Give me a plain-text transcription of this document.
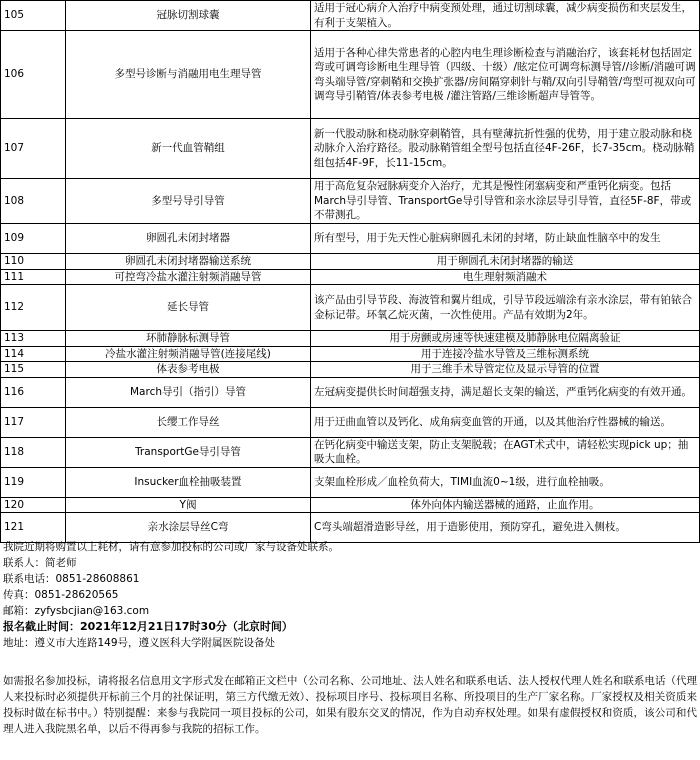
105	冠脉切割球囊	适用于冠心病介入治疗中病变预处理，通过切割球囊，减少病变损伤和夹层发生，有利于支架植入。
106	多型号诊断与消融用电生理导管	适用于各种心律失常患者的心腔内电生理诊断检查与消融治疗，该套耗材包括固定弯或可调弯诊断电生理导管（四级、十级）/眩定位可调弯标测导管//诊断/消融可调弯头端导管/穿刺鞘和交换扩张器/房间隔穿刺针与鞘/双向引导鞘管/弯型可视双向可调弯导引鞘管/体表参考电极 /灌注管路/三维诊断超声导管等。
107	新一代血管鞘组	新一代股动脉和桡动脉穿刺鞘管，具有壁薄抗折性强的优势，用于建立股动脉和桡动脉介入治疗路径。股动脉鞘管组全型号包括直径4F-26F，长7-35cm。桡动脉鞘组包括4F-9F，长11-15cm。
108	多型号导引导管	用于高危复杂冠脉病变介入治疗，尤其是慢性闭塞病变和严重钙化病变。包括March导引导管、TransportGe导引导管和亲水涂层导引导管，直径5F-8F，带或不带测孔。
109	卵圆孔未闭封堵器	所有型号，用于先天性心脏病卵圆孔未闭的封堵，防止缺血性脑卒中的发生
110	卵圆孔未闭封堵器输送系统	用于卵圆孔未闭封堵器的输送
111	可控弯冷盐水灌注射频消融导管	电生理射频消融术
112	延长导管	该产品由引导节段、海波管和翼片组成，引导节段远端涂有亲水涂层，带有铂铱合金标记带。环氧乙烷灭菌，一次性使用。产品有效期为2年。
113	环肺静脉标测导管	用于房颤或房速等快速建模及肺静脉电位隔离验证
114	冷盐水灌注射频消融导管(连接尾线)	用于连接冷盐水导管及三维标测系统
115	体表参考电极	用于三维手术导管定位及显示导管的位置
116	March导引（指引）导管	左冠病变提供长时间超强支持，满足超长支架的输送，严重钙化病变的有效开通。
117	长缨工作导丝	用于迂曲血管以及钙化、成角病变血管的开通，以及其他治疗性器械的输送。
118	TransportGe导引导管	在钙化病变中输送支架，防止支架脱载；在AGT术式中，请轻松实现pick up；抽吸大血栓。
119	Insucker血栓抽吸装置	支架血栓形成／血栓负荷大，TIMI血流0~1级，进行血栓抽吸。
120	Y阀	体外向体内输送器械的通路，止血作用。
121	亲水涂层导丝C弯	C弯头端超滑造影导丝，用于造影使用，预防穿孔，避免进入侧枝。
我院近期将购置以上耗材，请有意参加投标的公司或厂家与设备处联系。
联系人：简老师
联系电话：0851-28608861
传真：0851-28620565
邮箱：zyfysbcjian@163.com
报名截止时间：2021年12月21日17时30分（北京时间）
地址：遵义市大连路149号，遵义医科大学附属医院设备处
如需报名参加投标，请将报名信息用文字形式发在邮箱正文栏中（公司名称、公司地址、法人姓名和联系电话、法人授权代理人姓名和联系电话（代理人来投标时必须提供开标前三个月的社保证明，第三方代缴无效）、投标项目序号、投标项目名称、所投项目的生产厂家名称。厂家授权及相关资质来投标时做在标书中。）特别提醒：来参与我院同一项目投标的公司，如果有股东交叉的情况，作为自动弃权处理。如果有虚假授权和资质，该公司和代理人进入我院黑名单，以后不得再参与我院的招标工作。
